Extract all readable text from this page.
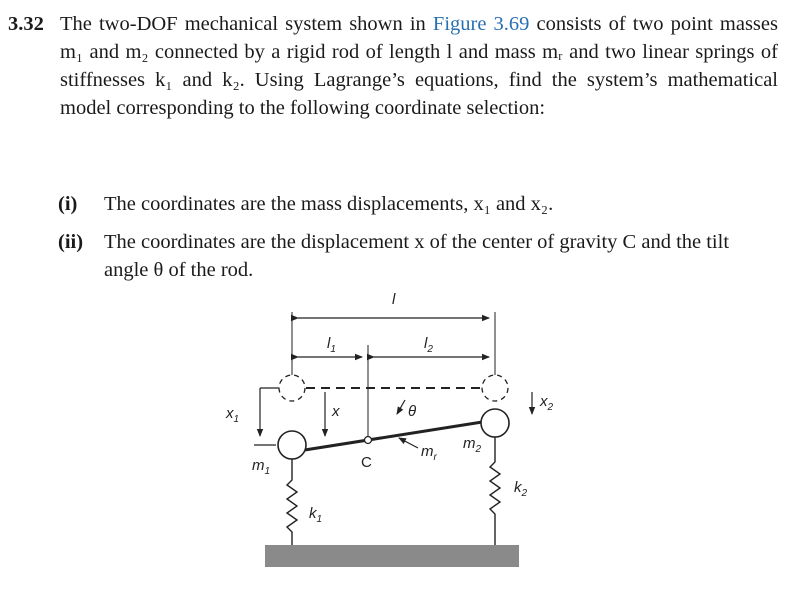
3.32 The two-DOF mechanical system shown in Figure 3.69 consists of two point masses m₁ and m₂ connected by a rigid rod of length l and mass mᵣ and two linear springs of stiffnesses k₁ and k₂. Using Lagrange’s equations, find the system’s mathematical model corresponding to the following coordinate selection:
(i) The coordinates are the mass displacements, x₁ and x₂.
(ii) The coordinates are the displacement x of the center of gravity C and the tilt angle θ of the rod.
l
$l_1$	$l_2$
$x_1$	x	θ
$x_2$
$m_1$
C
$m_r$
$m_2$
$k_1$
$k_2$
